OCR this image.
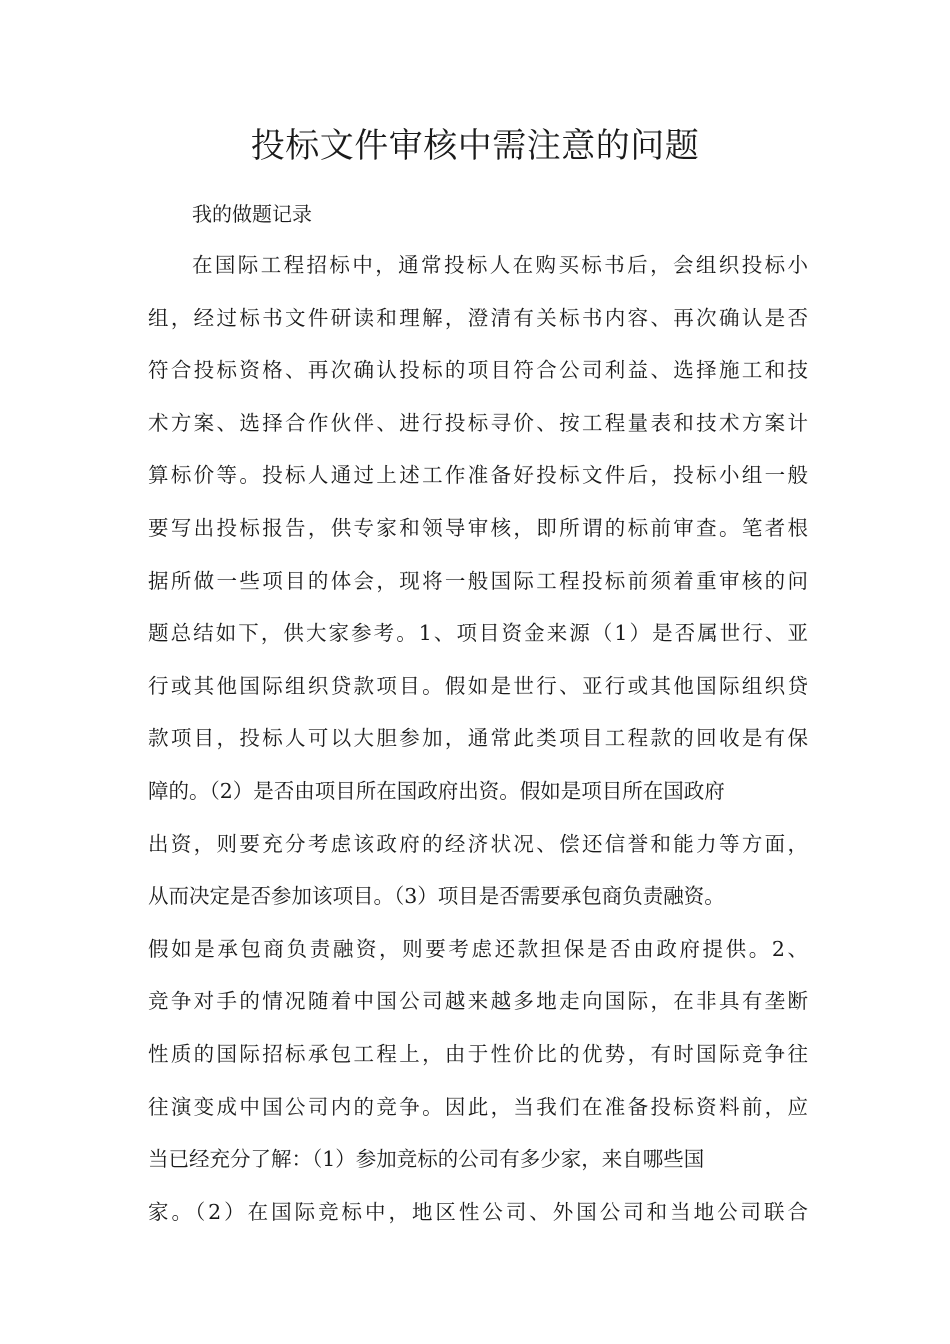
投标文件审核中需注意的问题

我的做题记录

在国际工程招标中，通常投标人在购买标书后，会组织投标小
组，经过标书文件研读和理解，澄清有关标书内容、再次确认是否
符合投标资格、再次确认投标的项目符合公司利益、选择施工和技
术方案、选择合作伙伴、进行投标寻价、按工程量表和技术方案计
算标价等。投标人通过上述工作准备好投标文件后，投标小组一般
要写出投标报告，供专家和领导审核，即所谓的标前审查。笔者根
据所做一些项目的体会，现将一般国际工程投标前须着重审核的问
题总结如下，供大家参考。1、项目资金来源（1）是否属世行、亚
行或其他国际组织贷款项目。假如是世行、亚行或其他国际组织贷
款项目，投标人可以大胆参加，通常此类项目工程款的回收是有保
障的。（2）是否由项目所在国政府出资。假如是项目所在国政府
出资，则要充分考虑该政府的经济状况、偿还信誉和能力等方面，
从而决定是否参加该项目。（3）项目是否需要承包商负责融资。
假如是承包商负责融资，则要考虑还款担保是否由政府提供。2、
竞争对手的情况随着中国公司越来越多地走向国际，在非具有垄断
性质的国际招标承包工程上，由于性价比的优势，有时国际竞争往
往演变成中国公司内的竞争。因此，当我们在准备投标资料前，应
当已经充分了解：（1）参加竞标的公司有多少家，来自哪些国
家。（2）在国际竞标中，地区性公司、外国公司和当地公司联合
